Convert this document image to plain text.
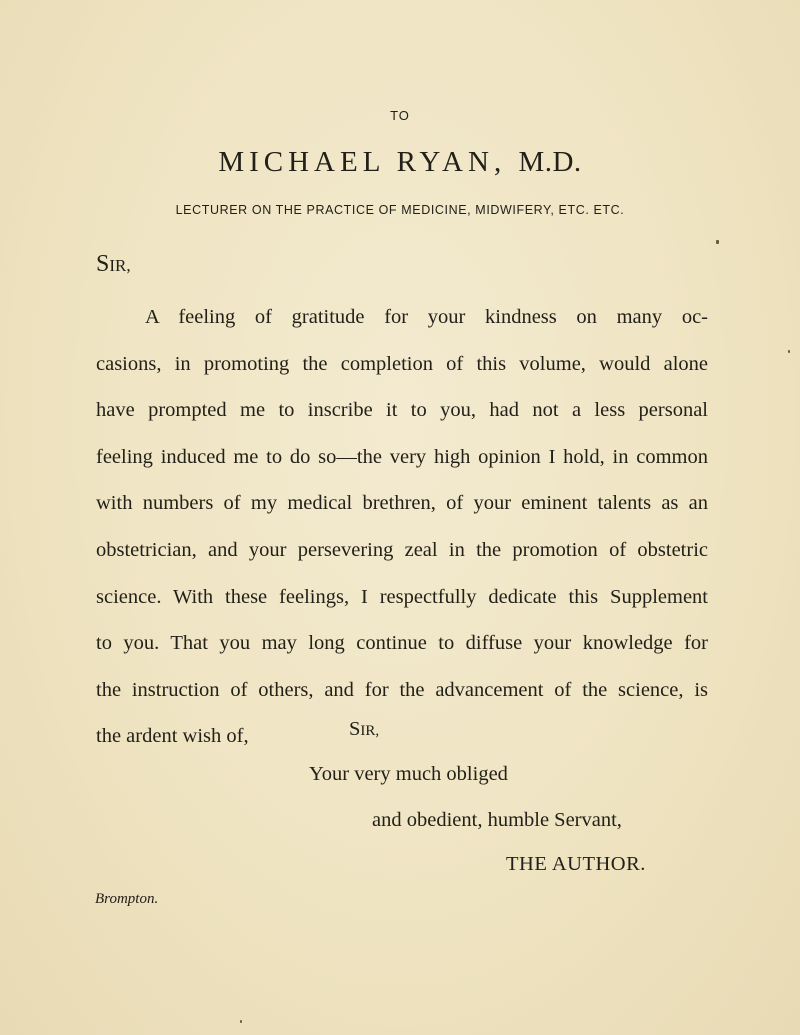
TO
MICHAEL RYAN, M.D.
LECTURER ON THE PRACTICE OF MEDICINE, MIDWIFERY, ETC. ETC.
SIR,
A feeling of gratitude for your kindness on many oc-
casions, in promoting the completion of this volume, would alone
have prompted me to inscribe it to you, had not a less personal
feeling induced me to do so—the very high opinion I hold, in common
with numbers of my medical brethren, of your eminent talents as an
obstetrician, and your persevering zeal in the promotion of obstetric
science. With these feelings, I respectfully dedicate this Supplement
to you. That you may long continue to diffuse your knowledge for
the instruction of others, and for the advancement of the science, is
the ardent wish of,	SIR,
Your very much obliged
and obedient, humble Servant,
THE AUTHOR.
Brompton.
